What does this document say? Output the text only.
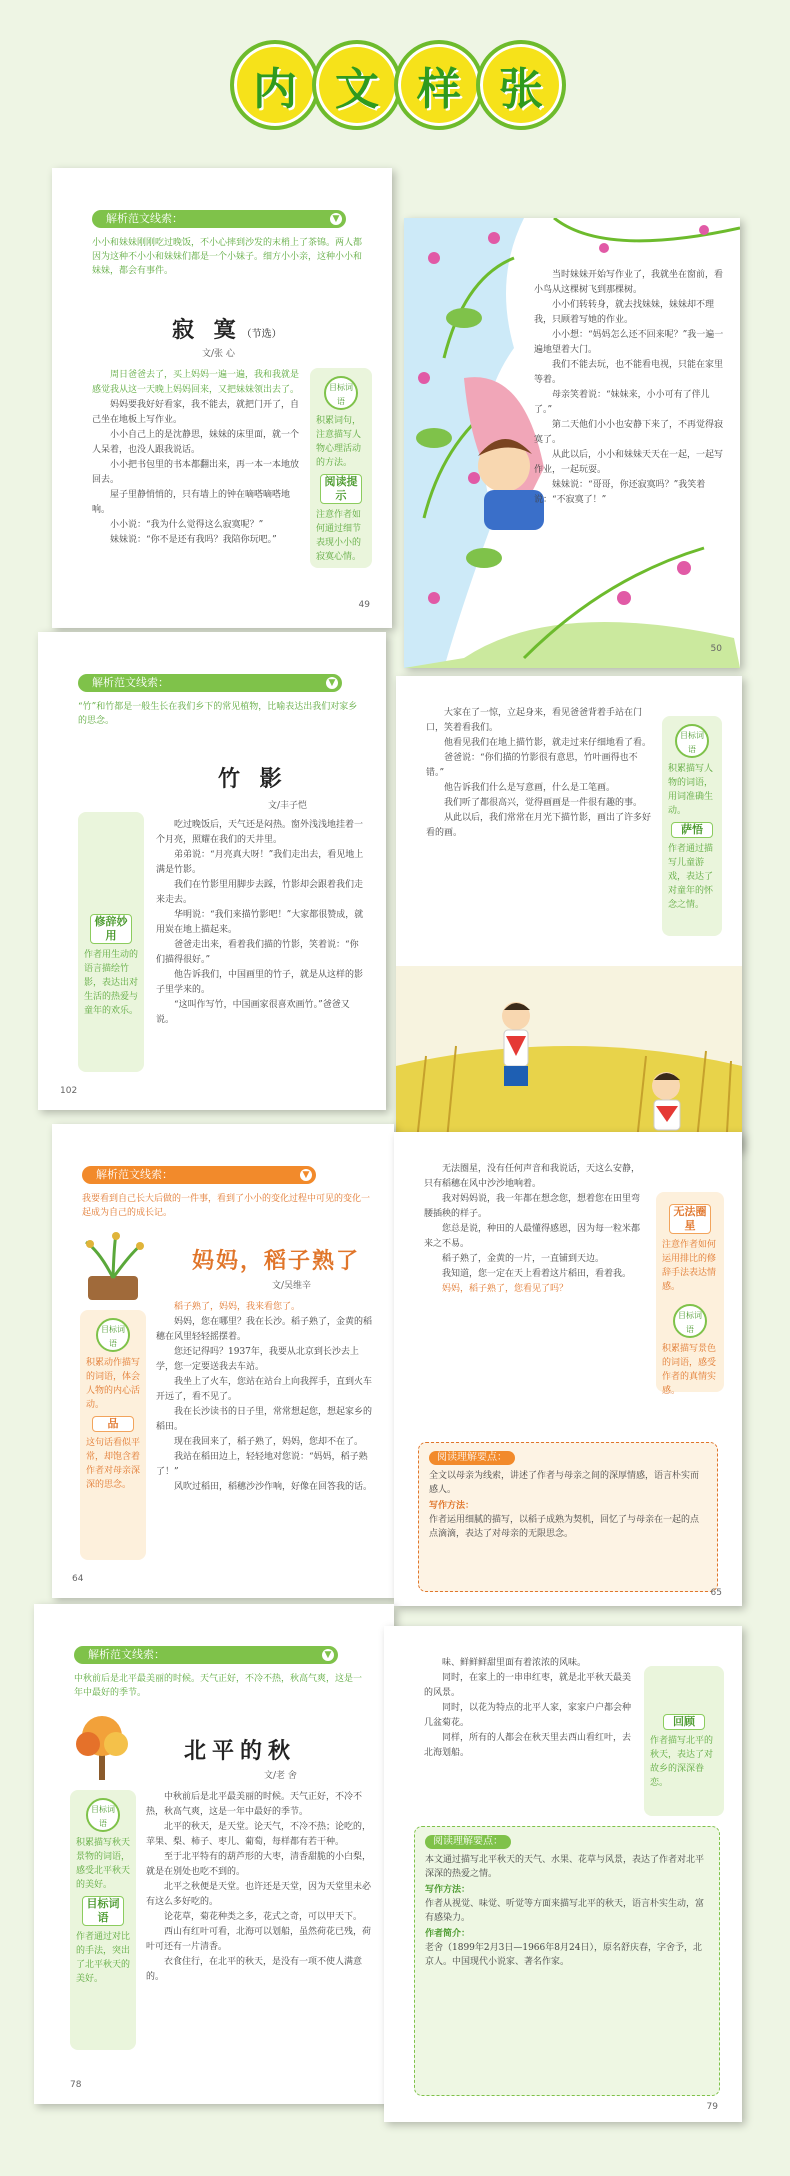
内 文 样 张
解析范文线索：	▼
小小和妹妹刚刚吃过晚饭，不小心摔到沙发的末梢上了茶锦。两人都因为这种不小小和妹妹们都是一个小妹子。细方小小亲，这种小小和妹妹，都会有事件。
寂 寞（节选）
文/张 心

周日爸爸去了，买上妈妈一遍一遍，我和我就是感觉我从这一天晚上妈妈回来，又把妹妹领出去了。

妈妈要我好好看家，我不能去，就把门开了，自己坐在地板上写作业。

小小自己上的是沈静思，妹妹的床里面，就一个人呆着，也没人跟我说话。

小小把书包里的书本都翻出来，再一本一本地放回去。

屋子里静悄悄的，只有墙上的钟在嘀嗒嘀嗒地响。

小小说：“我为什么觉得这么寂寞呢？”

妹妹说：“你不是还有我吗？我陪你玩吧。”

目标词语
积累词句，注意描写人物心理活动的方法。
阅读提示
注意作者如何通过细节表现小小的寂寞心情。
49

当时妹妹开始写作业了，我就坐在窗前，看小鸟从这棵树飞到那棵树。

小小们转转身，就去找妹妹，妹妹却不理我，只顾着写她的作业。

小小想：“妈妈怎么还不回来呢？”我一遍一遍地望着大门。

我们不能去玩，也不能看电视，只能在家里等着。

母亲笑着说：“妹妹来，小小可有了伴儿了。”

第二天他们小小也安静下来了，不再觉得寂寞了。

从此以后，小小和妹妹天天在一起，一起写作业，一起玩耍。

妹妹说：“哥哥，你还寂寞吗？”我笑着说：“不寂寞了！”

50
解析范文线索：	▼
“竹”和竹都是一般生长在我们乡下的常见植物，比喻表达出我们对家乡的思念。
竹 影
文/丰子恺
修辞妙用
作者用生动的语言描绘竹影，表达出对生活的热爱与童年的欢乐。

吃过晚饭后，天气还是闷热。窗外浅浅地挂着一个月亮，照耀在我们的天井里。

弟弟说：“月亮真大呀！”我们走出去，看见地上满是竹影。

我们在竹影里用脚步去踩，竹影却会跟着我们走来走去。

华明说：“我们来描竹影吧！”大家都很赞成，就用炭在地上描起来。

爸爸走出来，看着我们描的竹影，笑着说：“你们描得很好。”

他告诉我们，中国画里的竹子，就是从这样的影子里学来的。

“这叫作写竹，中国画家很喜欢画竹。”爸爸又说。

102

大家在了一惊，立起身来，看见爸爸背着手站在门口，笑着看我们。

他看见我们在地上描竹影，就走过来仔细地看了看。

爸爸说：“你们描的竹影很有意思，竹叶画得也不错。”

他告诉我们什么是写意画，什么是工笔画。

我们听了都很高兴，觉得画画是一件很有趣的事。

从此以后，我们常常在月光下描竹影，画出了许多好看的画。

目标词语
积累描写人物的词语，用词准确生动。
萨悟
作者通过描写儿童游戏，表达了对童年的怀念之情。
解析范文线索：	▼
我要看到自己长大后做的一件事，看到了小小的变化过程中可见的变化一起成为自己的成长记。
妈妈，稻子熟了
文/吴维辛
目标词语
积累动作描写的词语，体会人物的内心活动。
品
这句话看似平常，却饱含着作者对母亲深深的思念。

稻子熟了，妈妈，我来看您了。

妈妈，您在哪里？我在长沙。稻子熟了，金黄的稻穗在风里轻轻摇摆着。

您还记得吗？1937年，我要从北京到长沙去上学，您一定要送我去车站。

我坐上了火车，您站在站台上向我挥手，直到火车开远了，看不见了。

我在长沙读书的日子里，常常想起您，想起家乡的稻田。

现在我回来了，稻子熟了，妈妈，您却不在了。

我站在稻田边上，轻轻地对您说：“妈妈，稻子熟了！”

风吹过稻田，稻穗沙沙作响，好像在回答我的话。

64

无法圈星，没有任何声音和我说话，天这么安静，只有稻穗在风中沙沙地响着。

我对妈妈说，我一年都在想念您，想着您在田里弯腰插秧的样子。

您总是说，种田的人最懂得感恩，因为每一粒米都来之不易。

稻子熟了，金黄的一片，一直铺到天边。

我知道，您一定在天上看着这片稻田，看着我。

妈妈，稻子熟了，您看见了吗？

无法圈星
注意作者如何运用排比的修辞手法表达情感。
目标词语
积累描写景色的词语，感受作者的真情实感。
阅读理解要点：
全文以母亲为线索，讲述了作者与母亲之间的深厚情感，语言朴实而感人。
写作方法：
作者运用细腻的描写，以稻子成熟为契机，回忆了与母亲在一起的点点滴滴，表达了对母亲的无限思念。
65
解析范文线索：	▼
中秋前后是北平最美丽的时候。天气正好，不冷不热，秋高气爽，这是一年中最好的季节。
北平的秋
文/老 舍
目标词语
积累描写秋天景物的词语，感受北平秋天的美好。
目标词语
作者通过对比的手法，突出了北平秋天的美好。

中秋前后是北平最美丽的时候。天气正好，不冷不热，秋高气爽，这是一年中最好的季节。

北平的秋天，是天堂。论天气，不冷不热；论吃的，苹果、梨、柿子、枣儿、葡萄，每样都有若干种。

至于北平特有的葫芦形的大枣，清香甜脆的小白梨，就是在别处也吃不到的。

北平之秋便是天堂。也许还是天堂，因为天堂里未必有这么多好吃的。

论花草，菊花种类之多，花式之奇，可以甲天下。

西山有红叶可看，北海可以划船，虽然荷花已残，荷叶可还有一片清香。

衣食住行，在北平的秋天，是没有一项不使人满意的。

78

味、鲜鲜鲜甜里面有着浓浓的风味。

同时，在家上的一串串红枣，就是北平秋天最美的风景。

同时，以花为特点的北平人家，家家户户都会种几盆菊花。

同样，所有的人都会在秋天里去西山看红叶，去北海划船。

回顾
作者描写北平的秋天，表达了对故乡的深深眷恋。
阅读理解要点：
本文通过描写北平秋天的天气、水果、花草与风景，表达了作者对北平深深的热爱之情。
写作方法：
作者从视觉、味觉、听觉等方面来描写北平的秋天，语言朴实生动，富有感染力。
作者简介：
老舍（1899年2月3日—1966年8月24日），原名舒庆春，字舍予，北京人。中国现代小说家、著名作家。
79
